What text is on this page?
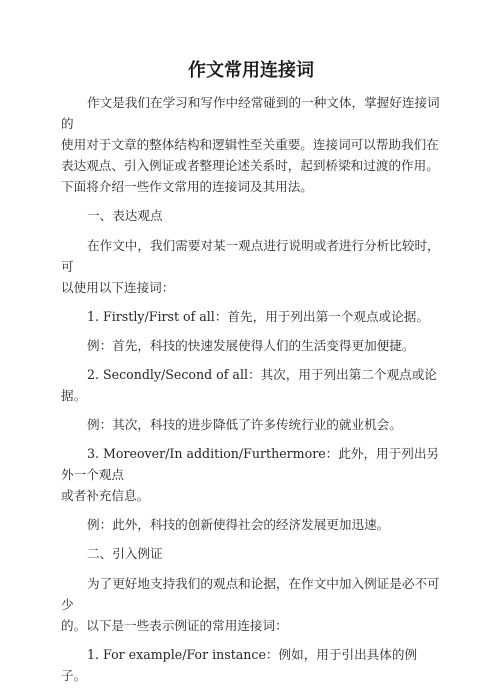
作文常用连接词

作文是我们在学习和写作中经常碰到的一种文体，掌握好连接词的
使用对于文章的整体结构和逻辑性至关重要。连接词可以帮助我们在
表达观点、引入例证或者整理论述关系时，起到桥梁和过渡的作用。
下面将介绍一些作文常用的连接词及其用法。

一、表达观点

在作文中，我们需要对某一观点进行说明或者进行分析比较时，可
以使用以下连接词：

1. Firstly/First of all：首先，用于列出第一个观点或论据。

例：首先，科技的快速发展使得人们的生活变得更加便捷。

2. Secondly/Second of all：其次，用于列出第二个观点或论据。

例：其次，科技的进步降低了许多传统行业的就业机会。

3. Moreover/In addition/Furthermore：此外，用于列出另外一个观点
或者补充信息。

例：此外，科技的创新使得社会的经济发展更加迅速。

二、引入例证

为了更好地支持我们的观点和论据，在作文中加入例证是必不可少
的。以下是一些表示例证的常用连接词：

1. For example/For instance：例如，用于引出具体的例子。
